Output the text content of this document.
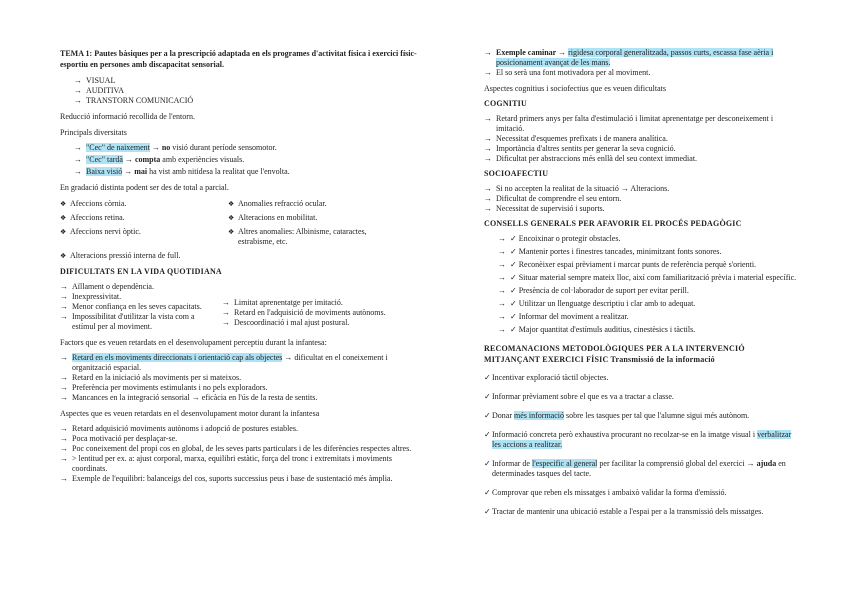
TEMA 1: Pautes bàsiques per a la prescripció adaptada en els programes d'activitat física i exercici físic-esportiu en persones amb discapacitat sensorial.

→ VISUAL
→ AUDITIVA
→ TRANSTORN COMUNICACIÓ

Reducció informació recollida de l'entorn.

Principals diversitats

→ "Cec" de naixement → no visió durant període sensomotor.
→ "Cec" tardà → compta amb experiències visuals.
→ Baixa visió → mai ha vist amb nitidesa la realitat que l'envolta.

En gradació distinta podent ser des de total a parcial.

❖ Afeccions còrnia.	❖ Anomalies refracció ocular.
❖ Afeccions retina.	❖ Alteracions en mobilitat.
❖ Afeccions nervi òptic.	❖ Altres anomalies: Albinisme, cataractes, estrabisme, etc.
❖ Alteracions pressió interna de full.

DIFICULTATS EN LA VIDA QUOTIDIANA

→ Aïllament o dependència.
→ Inexpressivitat.
→ Menor confiança en les seves capacitats.
→ Impossibilitat d'utilitzar la vista com a estímul per al moviment.
→ Limitat aprenentatge per imitació.
→ Retard en l'adquisició de moviments autònoms.
→ Descoordinació i mal ajust postural.

Factors que es veuen retardats en el desenvolupament perceptiu durant la infantesa:

→ Retard en els moviments direccionats i orientació cap als objectes → dificultat en el coneixement i organització espacial.
→ Retard en la iniciació als moviments per si mateixos.
→ Preferència per moviments estimulants i no pels exploradors.
→ Mancances en la integració sensorial → eficàcia en l'ús de la resta de sentits.

Aspectes que es veuen retardats en el desenvolupament motor durant la infantesa

→ Retard adquisició moviments autònoms i adopció de postures estables.
→ Poca motivació per desplaçar-se.
→ Poc coneixement del propi cos en global, de les seves parts particulars i de les diferències respectes altres.
→ > lentitud per ex. a: ajust corporal, marxa, equilibri estàtic, força del tronc i extremitats i moviments coordinats.
→ Exemple de l'equilibri: balanceigs del cos, suports successius peus i base de sustentació més àmplia.
→ Exemple caminar → rigidesa corporal generalitzada, passos curts, escassa fase aèria i posicionament avançat de les mans.
→ El so serà una font motivadora per al moviment.

Aspectes cognitius i sociofectius que es veuen dificultats

COGNITIU

→ Retard primers anys per falta d'estimulació i limitat aprenentatge per desconeixement i imitació.
→ Necessitat d'esquemes prefixats i de manera analítica.
→ Importància d'altres sentits per generar la seva cognició.
→ Dificultat per abstraccions més enllà del seu context immediat.

SOCIOAFECTIU

→ Si no accepten la realitat de la situació → Alteracions.
→ Dificultat de comprendre el seu entorn.
→ Necessitat de supervisió i suports.

CONSELLS GENERALS PER AFAVORIR EL PROCÉS PEDAGÒGIC

→ ✓ Encoixinar o protegir obstacles.
→ ✓ Mantenir portes i finestres tancades, minimitzant fonts sonores.
→ ✓ Reconèixer espai prèviament i marcar punts de referència perquè s'orienti.
→ ✓ Situar material sempre mateix lloc, així com familiarització prèvia i material específic.
→ ✓ Presència de col·laborador de suport per evitar perill.
→ ✓ Utilitzar un llenguatge descriptiu i clar amb to adequat.
→ ✓ Informar del moviment a realitzar.
→ ✓ Major quantitat d'estímuls auditius, cinestèsics i tàctils.

RECOMANACIONS METODOLÒGIQUES PER A LA INTERVENCIÓ MITJANÇANT EXERCICI FÍSIC Transmissió de la informació

✓ Incentivar exploració tàctil objectes.

✓ Informar prèviament sobre el que es va a tractar a classe.

✓ Donar més informació sobre les tasques per tal que l'alumne sigui més autònom.

✓ Informació concreta però exhaustiva procurant no recolzar-se en la imatge visual i verbalitzar les accions a realitzar.

✓ Informar de l'especific al general per facilitar la comprensió global del exercici → ajuda en determinades tasques del tacte.

✓ Comprovar que reben els missatges i ambaixò validar la forma d'emissió.

✓ Tractar de mantenir una ubicació estable a l'espai per a la transmissió dels missatges.
